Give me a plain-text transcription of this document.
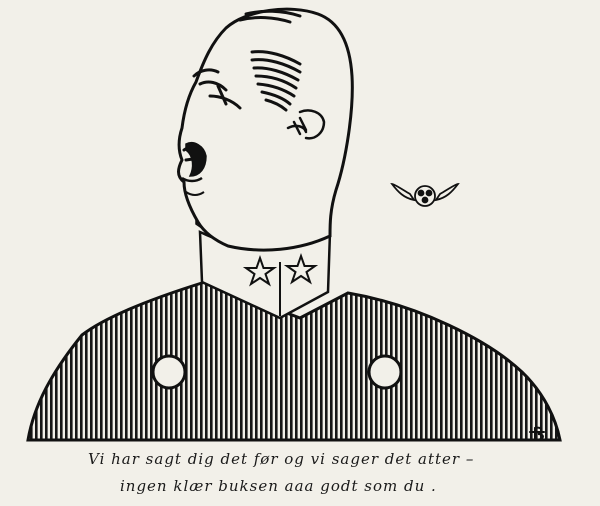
Vi har sagt dig det før og vi sager det atter –
ingen klær buksen aaa godt som du .
